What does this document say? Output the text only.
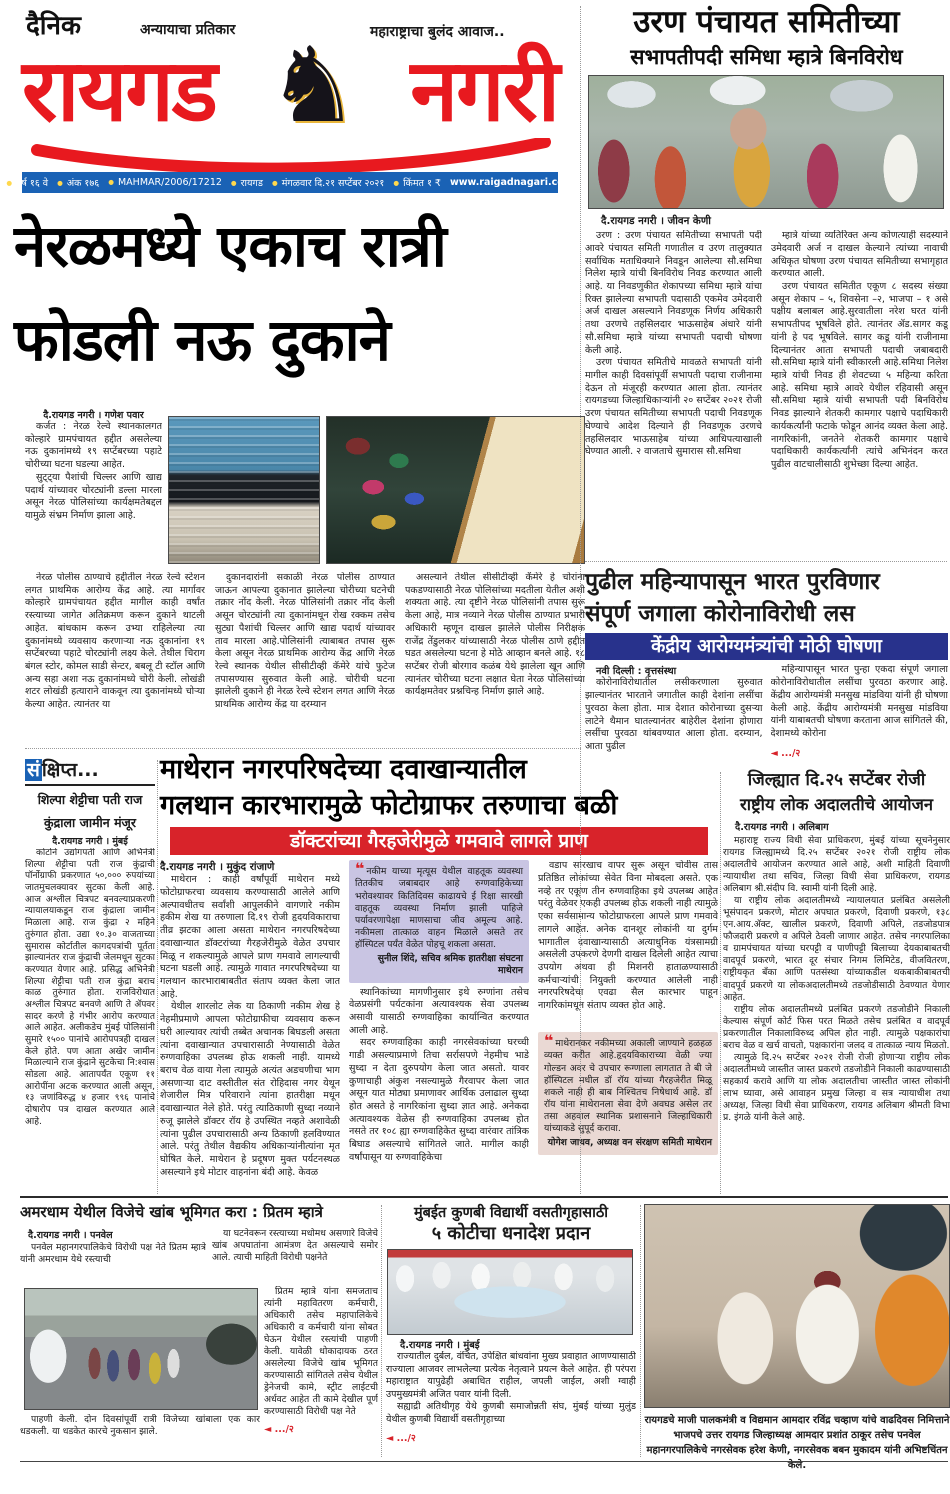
दैनिक	अन्यायाचा प्रतिकार	महाराष्ट्राचा बुलंद आवाज..
रायगड ♞ नगरी
● वर्ष १६ वे	● अंक १७६	● MAHMAR/2006/17212	● रायगड	● मंगळवार दि.२१ सप्टेंबर २०२१	● किंमत १ ₹ www.raigadnagari.com
उरण पंचायत समितीच्या
सभापतीपदी समिधा म्हात्रे बिनविरोध
दै.रायगड नगरी । जीवन केणी

उरण : उरण पंचायत समितीच्या सभापती पदी आवरे पंचायत समिती गणातील व उरण तालुक्यात सर्वाधिक मताधिक्याने निवडून आलेल्या सौ.समिधा निलेश म्हात्रे यांची बिनविरोध निवड करण्यात आली आहे. या निवडणुकीत शेकापच्या समिधा म्हात्रे यांचा रिक्त झालेल्या सभापती पदासाठी एकमेव उमेदवारी अर्ज दाखल असल्याने निवडणूक निर्णय अधिकारी तथा उरणचे तहसिलदार भाऊसाहेब अंधारे यांनी सौ.समिधा म्हात्रे यांच्या सभापती पदाची घोषणा केली आहे.

उरण पंचायत समितीचे मावळते सभापती यांनी मागील काही दिवसांपूर्वी सभापती पदाचा राजीनामा देऊन तो मंजूरही करण्यात आला होता. त्यानंतर रायगडच्या जिल्हाधिकाऱ्यांनी २० सप्टेंबर २०२१ रोजी उरण पंचायत समितीच्या सभापती पदाची निवडणूक घेण्याचे आदेश दिल्याने ही निवडणूक उरणचे तहसिलदार भाऊसाहेब यांच्या आधिपत्याखाली घेण्यात आली. २ वाजताचे सुमारास सौ.समिधा

म्हात्रे यांच्या व्यतिरिक्त अन्य कोणत्याही सदस्याने उमेदवारी अर्ज न दाखल केल्याने त्यांच्या नावाची अधिकृत घोषणा उरण पंचायत समितीच्या सभागृहात करण्यात आली.

उरण पंचायत समितीत एकूण ८ सदस्य संख्या असून शेकाप – ५, शिवसेना –२, भाजपा – १ असे पक्षीय बलाबल आहे.सुरवातीला नरेश घरत यांनी सभापतीपद भूषविले होते. त्यानंतर ॲड.सागर कडू यांनी हे पद भूषविले. सागर कडू यांनी राजीनामा दिल्यानंतर आता सभापती पदाची जबाबदारी सौ.समिधा म्हात्रे यांनी स्वीकारली आहे.समिधा निलेश म्हात्रे यांची निवड ही शेवटच्या ५ महिन्या करिता आहे. समिधा म्हात्रे आवरे येथील रहिवासी असून सौ.समिधा म्हात्रे यांची सभापती पदी बिनविरोध निवड झाल्याने शेतकरी कामगार पक्षाचे पदाधिकारी कार्यकर्त्यांनी फटाके फोडून आनंद व्यक्त केला आहे. नागरिकांनी, जनतेने शेतकरी कामगार पक्षाचे पदाधिकारी कार्यकर्त्यांनी त्यांचे अभिनंदन करत पुढील वाटचालीसाठी शुभेच्छा दिल्या आहेत.

नेरळमध्ये एकाच रात्री
फोडली नऊ दुकाने
दै.रायगड नगरी । गणेश पवार

कर्जत : नेरळ रेल्वे स्थानकालगत कोल्हारे ग्रामपंचायत हद्दीत असलेल्या नऊ दुकानांमध्ये १९ सप्टेंबरच्या पहाटे चोरीच्या घटना घडल्या आहेत.

सुट्ट्या पैशांची चिल्लर आणि खाद्य पदार्थ यांच्यावर चोरट्यांनी डल्ला मारला असून नेरळ पोलिसांच्या कार्यक्षमतेबद्दल यामुळे संभ्रम निर्माण झाला आहे.

नेरळ पोलीस ठाण्याचे हद्दीतील नेरळ रेल्वे स्टेशन लगत प्राथमिक आरोग्य केंद्र आहे. त्या मार्गावर कोल्हारे ग्रामपंचायत हद्दीत मागील काही वर्षांत रस्त्याच्या जागेत अतिक्रमण करून दुकाने थाटली आहेत. बांधकाम करून उभ्या राहिलेल्या त्या दुकानांमध्ये व्यवसाय करणाऱ्या नऊ दुकानांना १९ सप्टेंबरच्या पहाटे चोरट्यांनी लक्ष्य केले. तेथील चिराग बंगल स्टोर, कोमल साडी सेन्टर, बबलू टी स्टॉल आणि अन्य सहा अशा नऊ दुकानांमध्ये चोरी केली. लोखंडी शटर लोखंडी हत्याराने वाकवून त्या दुकानांमध्ये चोऱ्या केल्या आहेत. त्यानंतर या

दुकानदारांनी सकाळी नेरळ पोलीस ठाण्यात जाऊन आपल्या दुकानात झालेल्या चोरीच्या घटनेची तक्रार नोंद केली. नेरळ पोलिसांनी तक्रार नोंद केली असून चोरट्यांनी त्या दुकानांमधून रोख रक्कम तसेच सुट्या पैशांची चिल्लर आणि खाद्य पदार्थ यांच्यावर ताव मारला आहे.पोलिसांनी त्याबाबत तपास सुरू केला असून नेरळ प्राथमिक आरोग्य केंद्र आणि नेरळ रेल्वे स्थानक येथील सीसीटीव्ही कॅमेरे यांचे फुटेज तपासण्यास सुरुवात केली आहे. चोरीची घटना झालेली दुकाने ही नेरळ रेल्वे स्टेशन लगत आणि नेरळ प्राथमिक आरोग्य केंद्र या दरम्यान

असल्याने तेथील सीसीटीव्ही कॅमेरे हे चोरांना पकडण्यासाठी नेरळ पोलिसांच्या मदतीला येतील अशी शक्यता आहे. त्या दृष्टीने नेरळ पोलिसांनी तपास सुरू केला आहे, मात्र नव्याने नेरळ पोलीस ठाण्यात प्रभारी अधिकारी म्हणून दाखल झालेले पोलीस निरीक्षक राजेंद्र तेंडुलकर यांच्यासाठी नेरळ पोलीस ठाणे हद्दीत घडत असलेल्या घटना हे मोठे आव्हान बनले आहे. १८ सप्टेंबर रोजी बोरगाव कळंब येथे झालेला खून आणि त्यानंतर चोरीच्या घटना लक्षात घेता नेरळ पोलिसांच्या कार्यक्षमतेवर प्रश्नचिन्ह निर्माण झाले आहे.

पुढील महिन्यापासून भारत पुरविणार
संपूर्ण जगाला कोरोनाविरोधी लस
केंद्रीय आरोग्यमंत्र्यांची मोठी घोषणा

नवी दिल्ली : वृत्तसंस्था

कोरोनाविरोधातील लसीकरणाला सुरुवात झाल्यानंतर भारताने जगातील काही देशांना लसींचा पुरवठा केला होता. मात्र देशात कोरोनाच्या दुसऱ्या लाटेने थैमान घातल्यानंतर बाहेरील देशांना होणारा लसींचा पुरवठा थांबवण्यात आला होता. दरम्यान, आता पुढील

महिन्यापासून भारत पुन्हा एकदा संपूर्ण जगाला कोरोनाविरोधातील लसींचा पुरवठा करणार आहे. केंद्रीय आरोग्यमंत्री मनसुख मांडविया यांनी ही घोषणा केली आहे. केंद्रीय आरोग्यमंत्री मनसुख मांडविया यांनी याबाबतची घोषणा करताना आज सांगितले की, देशामध्ये कोरोना

◄ .../२
सं क्षिप्त...
शिल्पा शेट्टीचा पती राज
कुंद्राला जामीन मंजूर
दै.रायगड नगरी । मुंबई

कोर्टाने उद्योगपती आणि अभिनेत्री शिल्पा शेट्टीचा पती राज कुंद्राची पॉर्नोग्राफी प्रकरणात ५०,००० रुपयांच्या जातमुचलक्यावर सुटका केली आहे. आज अश्लील चित्रपट बनवल्याप्रकरणी न्यायालयाकडून राज कुंद्राला जामीन मिळाला आहे. राज कुंद्रा २ महिने तुरुंगात होता. उद्या १०.३० वाजताच्या सुमारास कोर्टातील कागदपत्रांची पूर्तता झाल्यानंतर राज कुंद्राची जेलमधून सुटका करण्यात येणार आहे. प्रसिद्ध अभिनेत्री शिल्पा शेट्टीचा पती राज कुंद्रा बराच काळ तुरुंगात होता. राजविरोधात अश्लील चित्रपट बनवणे आणि ते ॲपवर सादर करणे हे गंभीर आरोप करण्यात आले आहेत. अलीकडेच मुंबई पोलिसांनी सुमारे १५०० पानांचे आरोपपत्रही दाखल केले होते. पण आता अखेर जामीन मिळाल्याने राज कुंद्राने सुटकेचा नि:श्वास सोडला आहे. आतापर्यंत एकूण ११ आरोपींना अटक करण्यात आली असून, १३ जणांविरुद्ध ४ हजार ९९६ पानांचे दोषारोप पत्र दाखल करण्यात आले आहे.

माथेरान नगरपरिषदेच्या दवाखान्यातील
गलथान कारभारामुळे फोटोग्राफर तरुणाचा बळी
डॉक्टरांच्या गैरहजेरीमुळे गमवावे लागले प्राण
दै.रायगड नगरी । मुकुंद रांजाणे

माथेरान : काही वर्षांपूर्वी माथेरान मध्ये फोटोग्राफरचा व्यवसाय करण्यासाठी आलेले आणि अल्पावधीतच सर्वांशी आपुलकीने वागणारे नकीम हकीम शेख या तरुणाला दि.१९ रोजी हृदयविकाराचा तीव्र झटका आला असता माथेरान नगरपरिषदेच्या दवाखान्यात डॉक्टरांच्या गैरहजेरीमुळे वेळेत उपचार मिळू न शकल्यामुळे आपले प्राण गमवावे लागल्याची घटना घडली आहे. त्यामुळे गावात नगरपरिषदेच्या या गलथान कारभाराबाबतीत संताप व्यक्त केला जात आहे.

येथील शारलोट लेक या ठिकाणी नकीम शेख हे नेहमीप्रमाणे आपला फोटोग्राफीचा व्यवसाय करून घरी आल्यावर त्यांची तब्बेत अचानक बिघडली असता त्यांना दवाखान्यात उपचारासाठी नेण्यासाठी वेळेत रुग्णवाहिका उपलब्ध होऊ शकली नाही. यामध्ये बराच वेळ वाया गेला त्यामुळे अत्यंत अडचणीचा भाग असणाऱ्या दाट वस्तीतील संत रोहिदास नगर येथून शेजारील मित्र परिवाराने त्यांना हातरीक्षा मधून दवाखान्यात नेले होते. परंतु त्याठिकाणी सुध्दा नव्याने रुजू झालेले डॉक्टर रॉय हे उपस्थित नव्हते अशावेळी त्यांना पुढील उपचारासाठी अन्य ठिकाणी हलविण्यात आले. परंतु तेथील वैद्यकीय अधिकाऱ्यांनीत्यांना मृत घोषित केले. माथेरान हे प्रदूषण मुक्त पर्यटनस्थळ असल्याने इथे मोटार वाहनांना बंदी आहे. केवळ

❝ नकीम याच्या मृत्यूस येथील वाहतूक व्यवस्था तितकीच जबाबदार आहे रुग्णवाहिकेच्या भरोवश्यावर कितिदिवस काढायचे ई रिक्षा सारखी वाहतूक व्यवस्था निर्माण झाली पाहिजे पर्यावरणापेक्षा माणसाचा जीव अमूल्य आहे. नकीमला तात्काळ वाहन मिळाले असते तर हॉस्पिटल पर्यंत वेळेत पोहचू शकला असता.
सुनील शिंदे, सचिव श्रमिक हातरीक्षा संघटना माथेरान

स्थानिकांच्या मागणीनुसार इथे रुग्णांना तसेच वेळप्रसंगी पर्यटकांना अत्यावश्यक सेवा उपलब्ध असावी यासाठी रुग्णवाहिका कार्यान्वित करण्यात आली आहे.

सदर रुग्णवाहिका काही नगरसेवकांच्या घरच्ची गाडी असल्याप्रमाणे तिचा सर्रासपणे नेहमीच भाडे सुध्दा न देता दुरुपयोग केला जात असतो. यावर कुणाचाही अंकुश नसल्यामुळे गैरवापर केला जात असून यात मोठ्या प्रमाणावर आर्थिक उलाढाल सुध्दा होत असते हे नागरिकांना सुध्दा ज्ञात आहे. अनेकदा अत्यावश्यक वेळेस ही रुग्णवाहिका उपलब्ध होत नसते तर १०८ ह्या रुग्णवाहिकेत सुध्दा वारंवार तांत्रिक बिघाड असल्याचे सांगितले जाते. मागील काही वर्षांपासून या रुग्णवाहिकेचा

वडाप सारखाच वापर सुरू असून चोवीस तास प्रतिष्ठित लोकांच्या सेवेत विना मोबदला असते. एक नव्हे तर एकूण तीन रुग्णवाहिका इथे उपलब्ध आहेत परंतु वेळेवर एकही उपलब्ध होऊ शकली नाही त्यामुळे एका सर्वसामान्य फोटोग्राफरला आपले प्राण गमवावे लागले आहेत. अनेक दानशूर लोकांनी या दुर्गम भागातील दवाखान्यासाठी अत्याधुनिक यंत्रसामग्री असलेली उपकरणे देणगी दाखल दिलेली आहेत त्याचा उपयोग अथवा ही मिशनरी हाताळण्यासाठी कर्मचाऱ्यांची नियुक्ती करण्यात आलेली नाही नगरपरिषदेचा एवढा सैल कारभार पाहून नागरिकांमधून संताप व्यक्त होत आहे.

❝ माथेरानकर नकीमच्या अकाली जाण्याने हळहळ व्यक्त करीत आहे.हृदयविकाराच्या वेळी ज्या गोल्डन अवर चे उपचार रूग्णाला लागतात ते बी जे हॉस्पिटल मधील डॉ रॉय यांच्या गैरहजेरीत मिळू शकले नाही ही बाब निश्चितच निषेधार्थ आहे. डॉ रॉय यांना माथेरानला सेवा देणे अवघड असेल तर तसा अहवाल स्थानिक प्रशासनाने जिल्हाधिकारी यांच्याकडे सुपूर्द करावा.
योगेश जाधव, अध्यक्ष वन संरक्षण समिती माथेरान
जिल्ह्यात दि.२५ सप्टेंबर रोजी
राष्ट्रीय लोक अदालतीचे आयोजन
दै.रायगड नगरी । अलिबाग

महाराष्ट्र राज्य विधी सेवा प्राधिकरण, मुंबई यांच्या सूचनेनुसार रायगड जिल्ह्यामध्ये दि.२५ सप्टेंबर २०२१ रोजी राष्ट्रीय लोक अदालतीचे आयोजन करण्यात आले आहे, अशी माहिती दिवाणी न्यायाधीश तथा सचिव, जिल्हा विधी सेवा प्राधिकरण, रायगड अलिबाग श्री.संदीप वि. स्वामी यांनी दिली आहे.

या राष्ट्रीय लोक अदालतीमध्ये न्यायालयात प्रलंबित असलेली भूसंपादन प्रकरणे, मोटार अपघात प्रकरणे, दिवाणी प्रकरणे, १३८ एन.आय.ॲक्ट, खालील प्रकरणे, दिवाणी अपिले, तडजोडपात्र फौजदारी प्रकरणे व अपिले ठेवली जाणार आहेत. तसेच नगरपालिका व ग्रामपंचायत यांच्या घरपट्टी व पाणीपट्टी बिलाच्या देयकाबाबतची वादपूर्व प्रकरणे, भारत दूर संचार निगम लिमिटेड, वीजवितरण, राष्ट्रीयकृत बँका आणि पतसंस्था यांच्याकडील थकबाकीबाबतची वादपूर्व प्रकरणे या लोकअदालतीमध्ये तडजोडीसाठी ठेवण्यात येणार आहेत.

राष्ट्रीय लोक अदालतीमध्ये प्रलंबित प्रकरणे तडजोडीने निकाली केल्यास संपूर्ण कोर्ट फिस परत मिळते तसेच प्रलंबित व वादपूर्व प्रकरणातील निकालाविरुध्द अपिल होत नाही. त्यामुळे पक्षकारांचा बराच वेळ व खर्च वाचतो, पक्षकारांना जलद व तात्काळ न्याय मिळतो.

त्यामुळे दि.२५ सप्टेंबर २०२१ रोजी रोजी होणाऱ्या राष्ट्रीय लोक अदालतीमध्ये जास्तीत जास्त प्रकरणे तडजोडीने निकाली काढण्यासाठी सहकार्य करावे आणि या लोक अदालतीचा जास्तीत जास्त लोकांनी लाभ घ्यावा, असे आवाहन प्रमुख जिल्हा व सत्र न्यायाधीश तथा अध्यक्ष, जिल्हा विधी सेवा प्राधिकरण, रायगड अलिबाग श्रीमती विभा प्र. इंगळे यांनी केले आहे.

अमरधाम येथील विजेचे खांब भूमिगत करा : प्रितम म्हात्रे
दै.रायगड नगरी । पनवेल

पनवेल महानगरपालिकेचे विरोधी पक्ष नेते प्रितम म्हात्रे यांनी अमरधाम येथे रस्त्याची

या घटनेवरून रस्त्याच्या मधोमध असणारे विजेचे खांब अपघातांना आमंत्रण देत असल्याचे समोर आले. त्याची माहिती विरोधी पक्षनेते

प्रितम म्हात्रे यांना समजताच त्यांनी महावितरण कर्मचारी, अधिकारी तसेच महापालिकेचे अधिकारी व कर्मचारी यांना सोबत घेऊन येथील रस्त्यांची पाहणी केली. यावेळी धोकादायक ठरत असलेल्या विजेचे खांब भूमिगत करण्यासाठी सांगितले तसेच येथील ड्रेनेजची कामे, स्ट्रीट लाईटची अर्धवट आहेत ती कामे देखील पूर्ण करण्यासाठी विरोधी पक्ष नेते

◄ .../२

पाहणी केली. दोन दिवसांपूर्वी रात्री विजेच्या खांबाला एक कार धडकली. या धडकेत कारचे नुकसान झाले.

मुंबईत कुणबी विद्यार्थी वसतीगृहासाठी
५ कोटीचा धनादेश प्रदान
दै.रायगड नगरी । मुंबई

राज्यातील दुर्बल, वंचित, उपेक्षित बांधवांना मुख्य प्रवाहात आणण्यासाठी राज्याला आजवर लाभलेल्या प्रत्येक नेतृत्वाने प्रयत्न केले आहेत. ही परंपरा महाराष्ट्रात यापुढेही अबाधित राहील, जपली जाईल, अशी ग्वाही उपमुख्यमंत्री अजित पवार यांनी दिली.

सह्याद्री अतिथीगृह येथे कुणबी समाजोन्नती संघ, मुंबई यांच्या मुलुंड येथील कुणबी विद्यार्थी वसतीगृहाच्या

◄ .../२
रायगडचे माजी पालकमंत्री व विद्यमान आमदार रविंद्र चव्हाण यांचे वाढदिवस निमित्ताने भाजपचे उत्तर रायगड जिल्हाध्यक्ष आमदार प्रशांत ठाकूर तसेच पनवेल महानगरपालिकेचे नगरसेवक हरेश केणी, नगरसेवक बबन मुकादम यांनी अभिष्टचिंतन केले.
